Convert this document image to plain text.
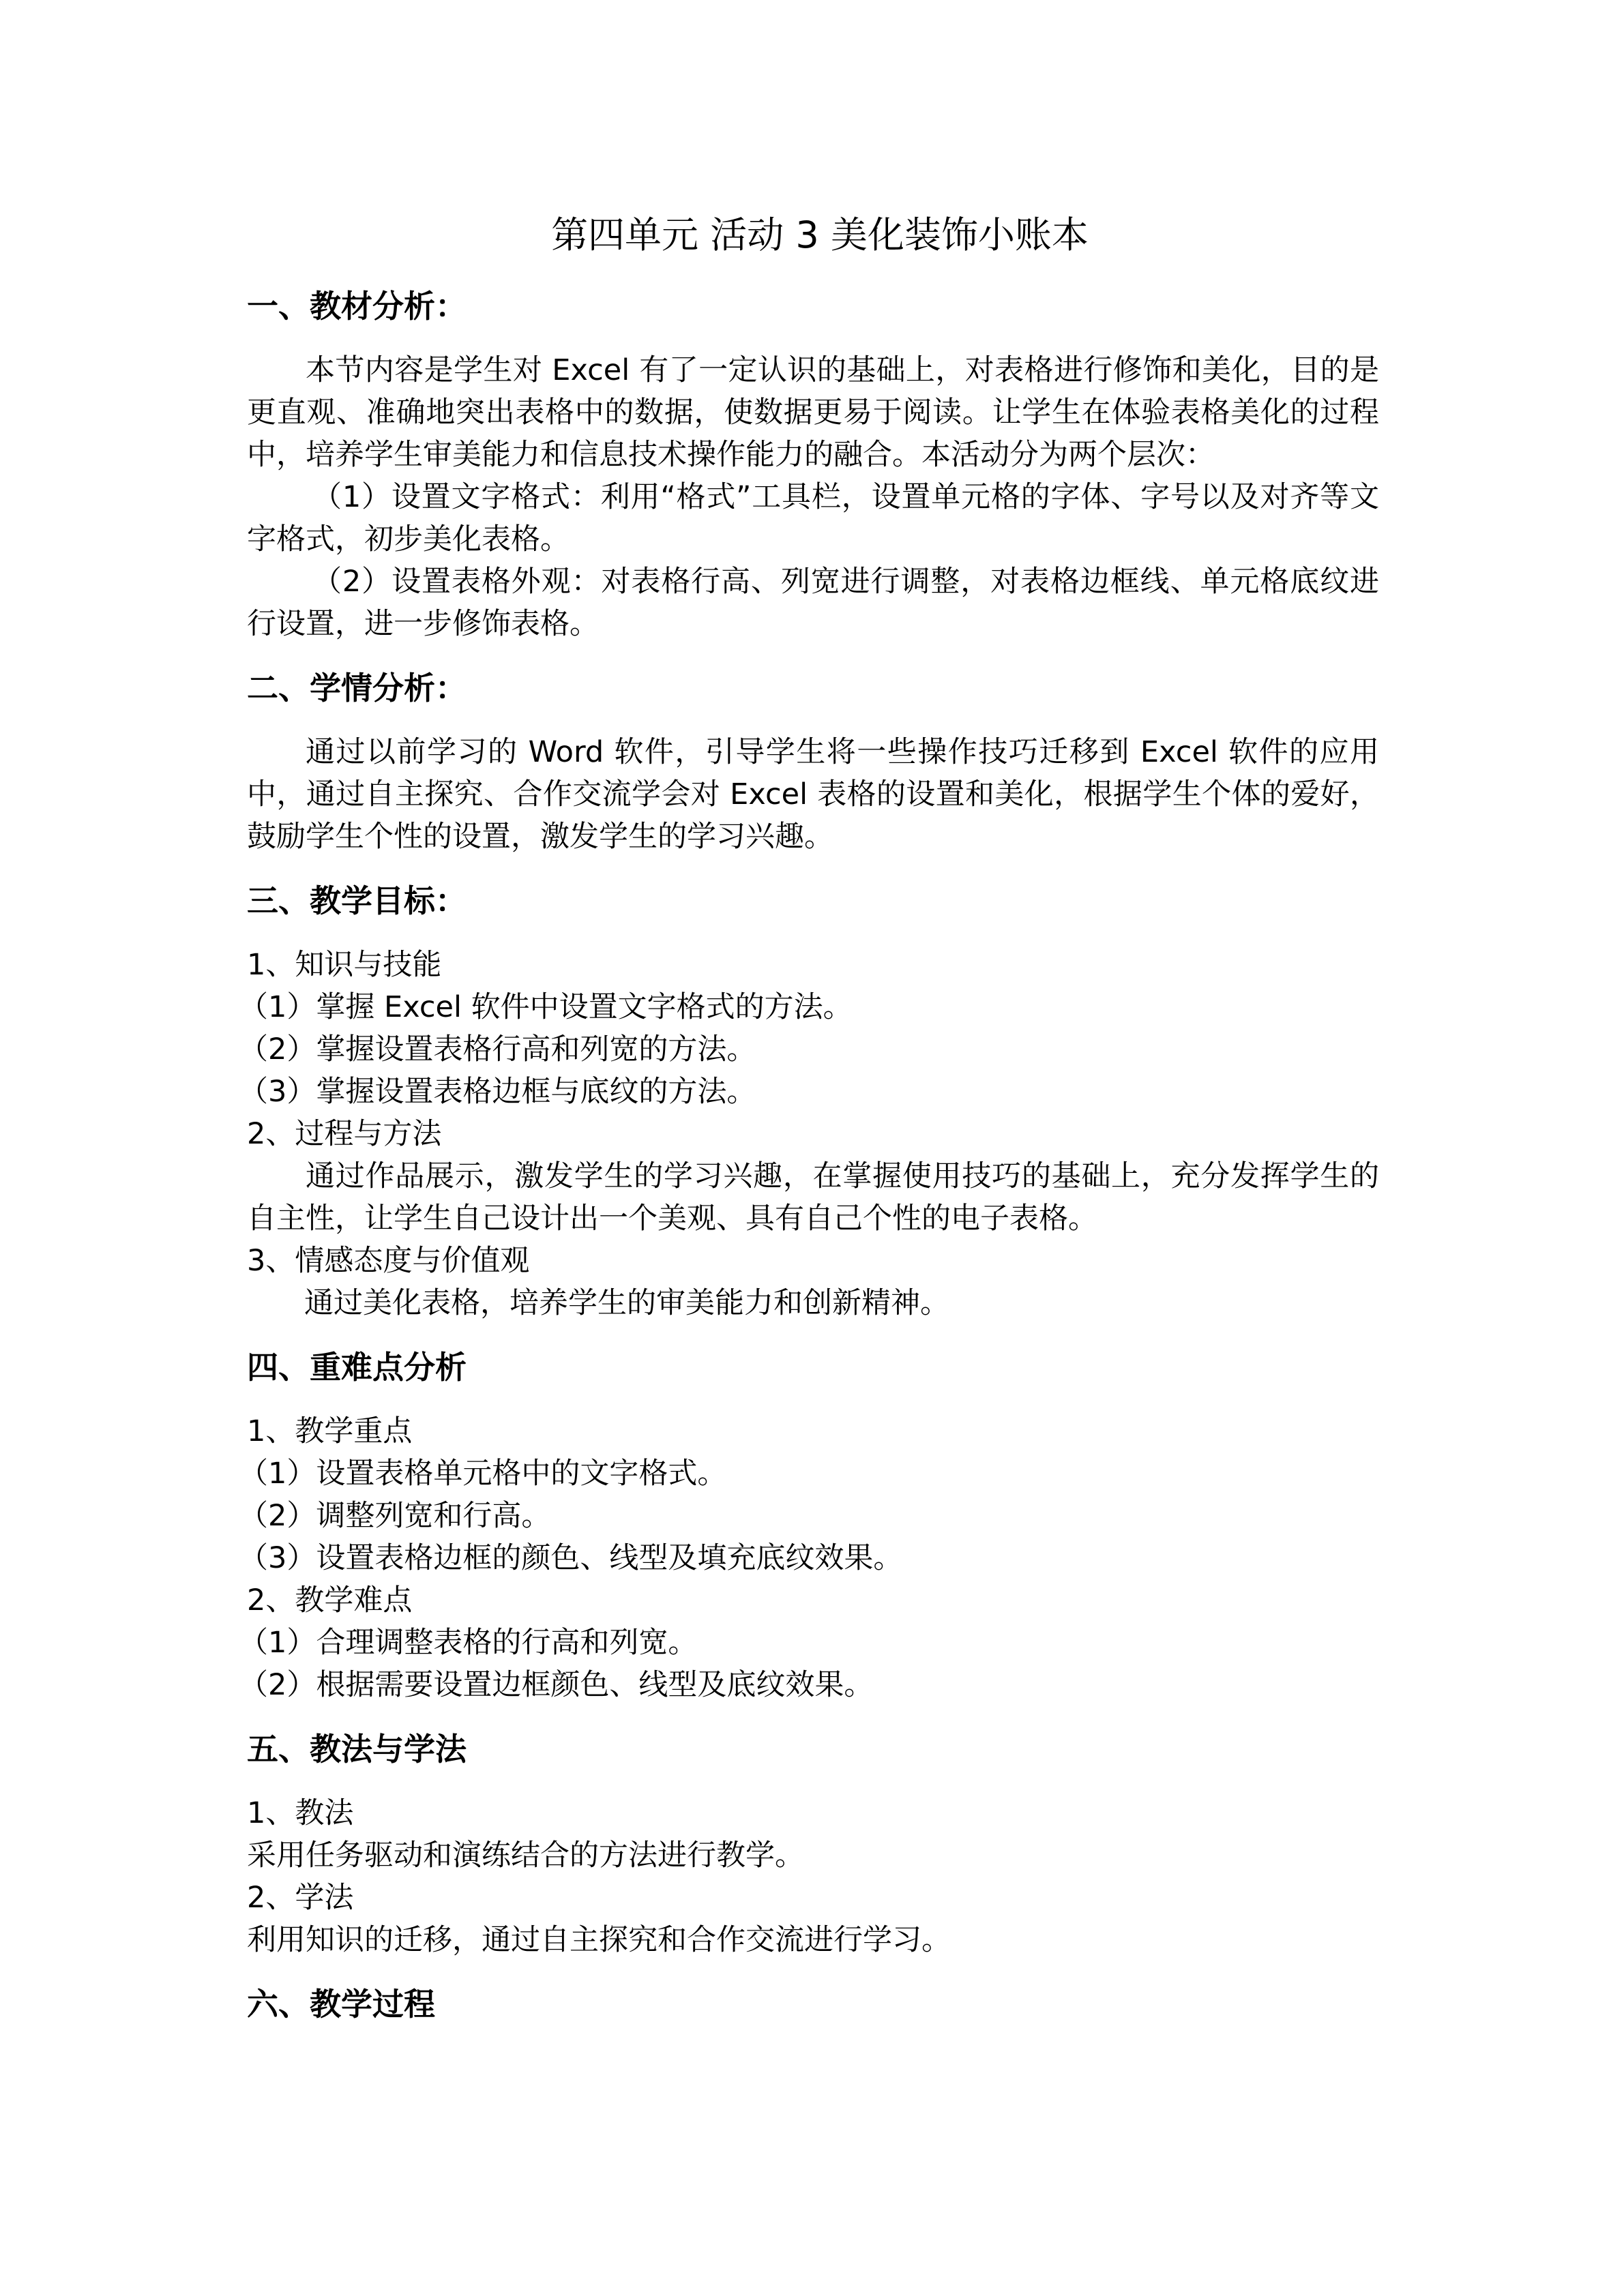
第四单元 活动 3 美化装饰小账本
一、教材分析：

本节内容是学生对 Excel 有了一定认识的基础上，对表格进行修饰和美化，目的是更直观、准确地突出表格中的数据，使数据更易于阅读。让学生在体验表格美化的过程中，培养学生审美能力和信息技术操作能力的融合。本活动分为两个层次：

（1）设置文字格式：利用“格式”工具栏，设置单元格的字体、字号以及对齐等文字格式，初步美化表格。

（2）设置表格外观：对表格行高、列宽进行调整，对表格边框线、单元格底纹进行设置，进一步修饰表格。

二、学情分析：

通过以前学习的 Word 软件，引导学生将一些操作技巧迁移到 Excel 软件的应用中，通过自主探究、合作交流学会对 Excel 表格的设置和美化，根据学生个体的爱好，鼓励学生个性的设置，激发学生的学习兴趣。

三、教学目标：
1、知识与技能
（1）掌握 Excel 软件中设置文字格式的方法。
（2）掌握设置表格行高和列宽的方法。
（3）掌握设置表格边框与底纹的方法。
2、过程与方法

通过作品展示，激发学生的学习兴趣，在掌握使用技巧的基础上，充分发挥学生的自主性，让学生自己设计出一个美观、具有自己个性的电子表格。

3、情感态度与价值观
通过美化表格，培养学生的审美能力和创新精神。
四、重难点分析
1、教学重点
（1）设置表格单元格中的文字格式。
（2）调整列宽和行高。
（3）设置表格边框的颜色、线型及填充底纹效果。
2、教学难点
（1）合理调整表格的行高和列宽。
（2）根据需要设置边框颜色、线型及底纹效果。
五、教法与学法
1、教法
采用任务驱动和演练结合的方法进行教学。
2、学法
利用知识的迁移，通过自主探究和合作交流进行学习。
六、教学过程
